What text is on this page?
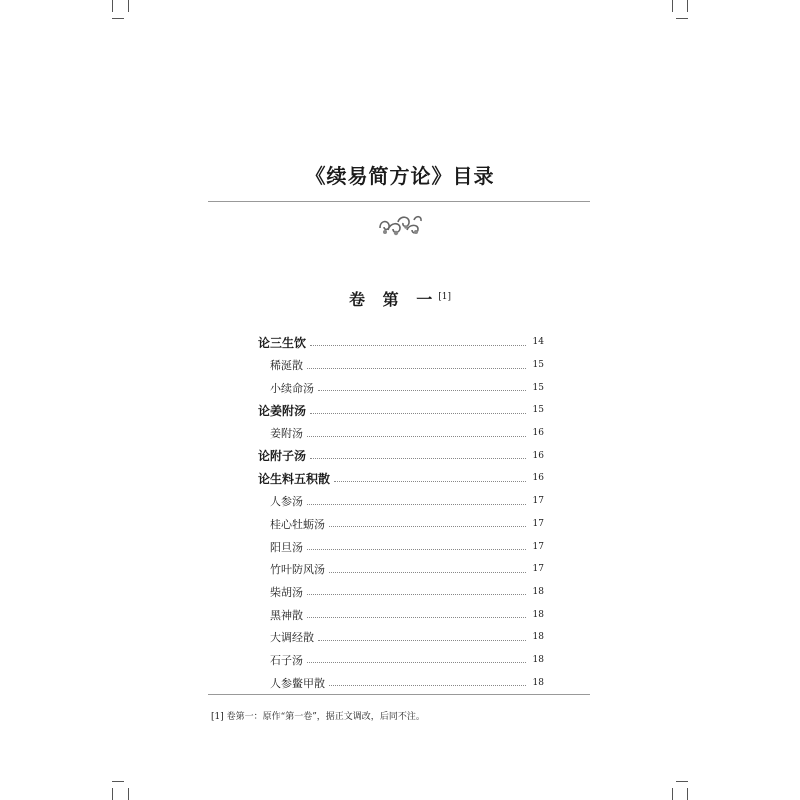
《续易简方论》目录
卷 第 一[1]
论三生饮	14
稀涎散	15
小续命汤	15
论姜附汤	15
姜附汤	16
论附子汤	16
论生料五积散	16
人参汤	17
桂心牡蛎汤	17
阳旦汤	17
竹叶防风汤	17
柴胡汤	18
黑神散	18
大调经散	18
石子汤	18
人参鳖甲散	18
[1] 卷第一：原作“第一卷”，据正文调改，后同不注。
